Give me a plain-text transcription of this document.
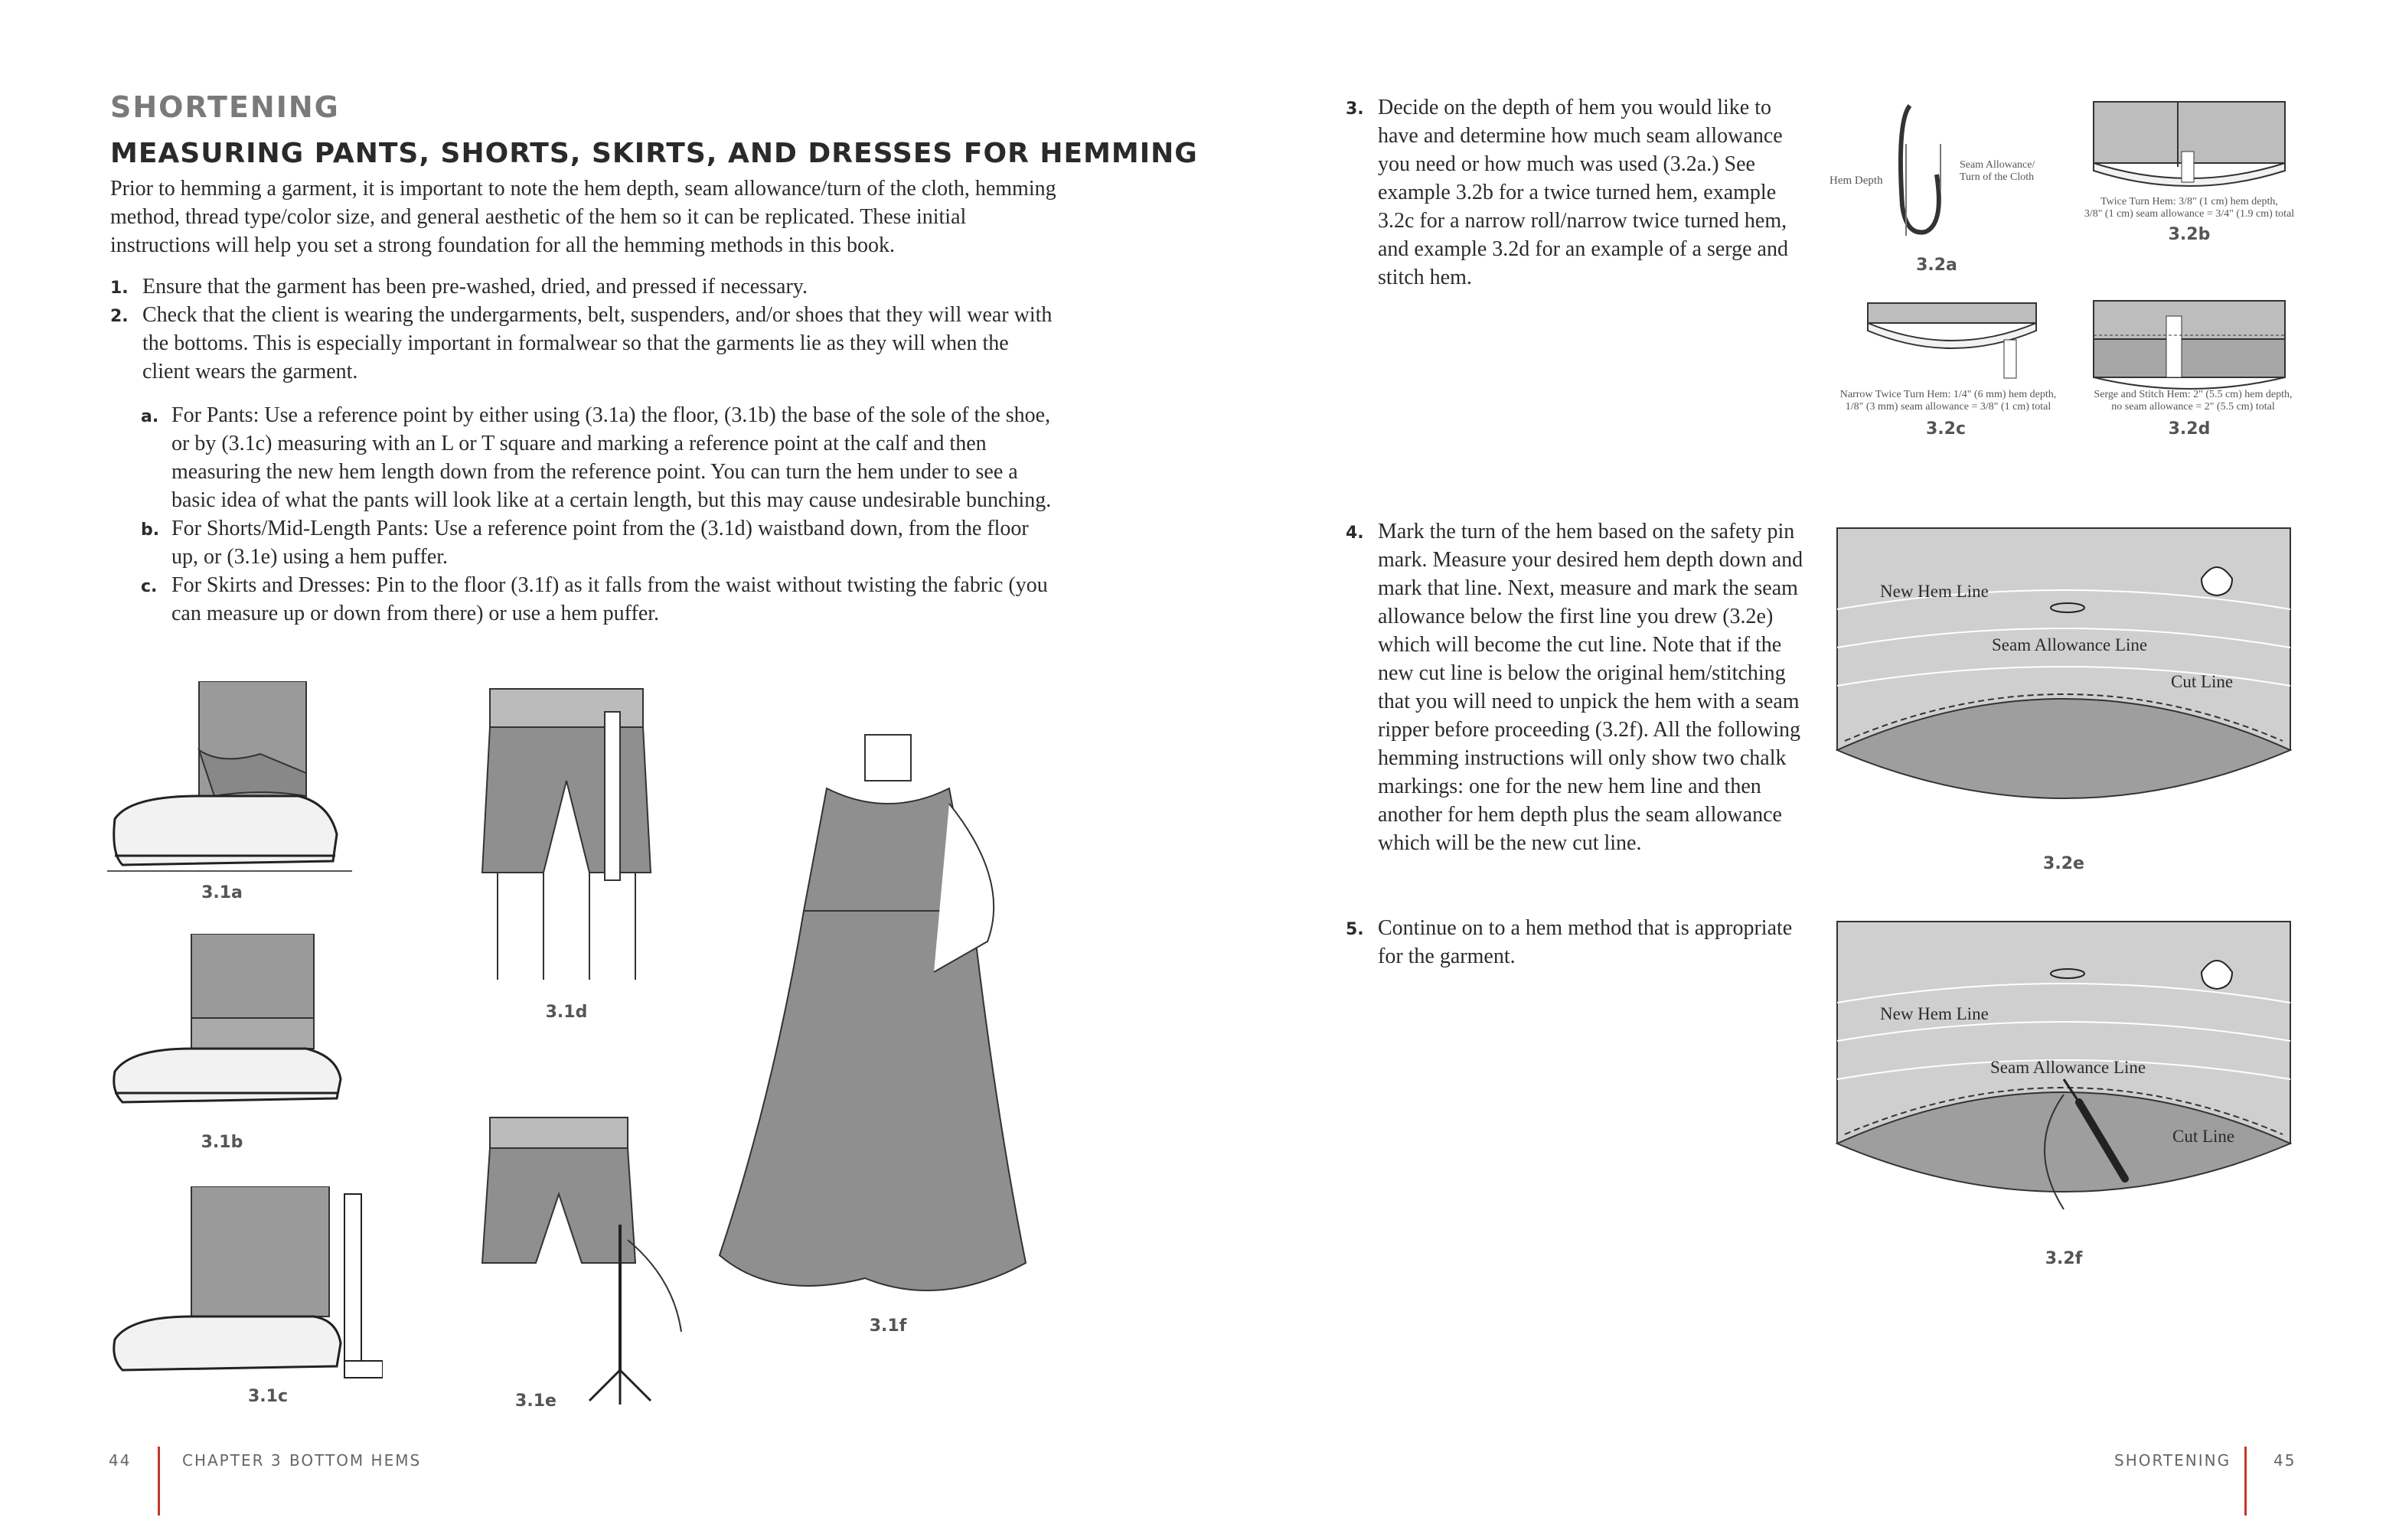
SHORTENING
MEASURING PANTS, SHORTS, SKIRTS, AND DRESSES FOR HEMMING
Prior to hemming a garment, it is important to note the hem depth, seam allowance/turn of the cloth, hemming method, thread type/color size, and general aesthetic of the hem so it can be replicated. These initial instructions will help you set a strong foundation for all the hemming methods in this book.
1. Ensure that the garment has been pre-washed, dried, and pressed if necessary.
2. Check that the client is wearing the undergarments, belt, suspenders, and/or shoes that they will wear with the bottoms. This is especially important in formalwear so that the garments lie as they will when the client wears the garment.
a. For Pants: Use a reference point by either using (3.1a) the floor, (3.1b) the base of the sole of the shoe, or by (3.1c) measuring with an L or T square and marking a reference point at the calf and then measuring the new hem length down from the reference point. You can turn the hem under to see a basic idea of what the pants will look like at a certain length, but this may cause undesirable bunching.
b. For Shorts/Mid-Length Pants: Use a reference point from the (3.1d) waistband down, from the floor up, or (3.1e) using a hem puffer.
c. For Skirts and Dresses: Pin to the floor (3.1f) as it falls from the waist without twisting the fabric (you can measure up or down from there) or use a hem puffer.
3.1a
3.1b
3.1c
3.1d
3.1e
3.1f
44	CHAPTER 3 BOTTOM HEMS
3. Decide on the depth of hem you would like to have and determine how much seam allowance you need or how much was used (3.2a.) See example 3.2b for a twice turned hem, example 3.2c for a narrow roll/narrow twice turned hem, and example 3.2d for an example of a serge and stitch hem.
4. Mark the turn of the hem based on the safety pin mark. Measure your desired hem depth down and mark that line. Next, measure and mark the seam allowance below the first line you drew (3.2e) which will become the cut line. Note that if the new cut line is below the original hem/stitching that you will need to unpick the hem with a seam ripper before proceeding (3.2f). All the following hemming instructions will only show two chalk markings: one for the new hem line and then another for hem depth plus the seam allowance which will be the new cut line.
5. Continue on to a hem method that is appropriate for the garment.
Hem Depth
Seam Allowance/
Turn of the Cloth
3.2a
Twice Turn Hem: 3/8" (1 cm) hem depth,
3/8" (1 cm) seam allowance = 3/4" (1.9 cm) total
3.2b
Narrow Twice Turn Hem: 1/4" (6 mm) hem depth,
1/8" (3 mm) seam allowance = 3/8" (1 cm) total
3.2c
Serge and Stitch Hem: 2" (5.5 cm) hem depth,
no seam allowance = 2" (5.5 cm) total
3.2d
New Hem Line
Seam Allowance Line
Cut Line
3.2e
New Hem Line
Seam Allowance Line
Cut Line
3.2f
SHORTENING	45
